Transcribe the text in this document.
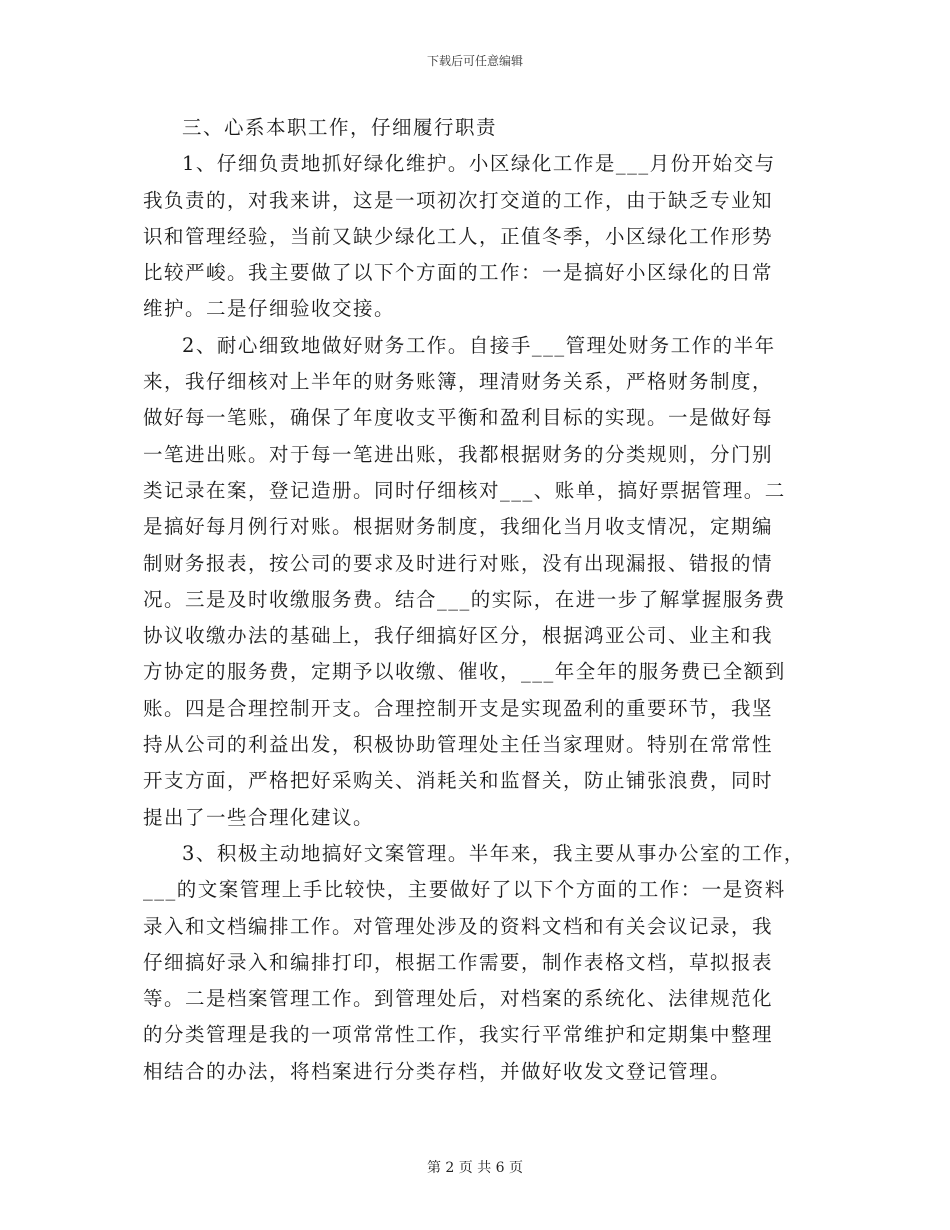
下载后可任意编辑

三、心系本职工作，仔细履行职责

1、仔细负责地抓好绿化维护。小区绿化工作是___月份开始交与
我负责的，对我来讲，这是一项初次打交道的工作，由于缺乏专业知
识和管理经验，当前又缺少绿化工人，正值冬季，小区绿化工作形势
比较严峻。我主要做了以下个方面的工作：一是搞好小区绿化的日常
维护。二是仔细验收交接。

2、耐心细致地做好财务工作。自接手___管理处财务工作的半年
来，我仔细核对上半年的财务账簿，理清财务关系，严格财务制度，
做好每一笔账，确保了年度收支平衡和盈利目标的实现。一是做好每
一笔进出账。对于每一笔进出账，我都根据财务的分类规则，分门别
类记录在案，登记造册。同时仔细核对___、账单，搞好票据管理。二
是搞好每月例行对账。根据财务制度，我细化当月收支情况，定期编
制财务报表，按公司的要求及时进行对账，没有出现漏报、错报的情
况。三是及时收缴服务费。结合___的实际，在进一步了解掌握服务费
协议收缴办法的基础上，我仔细搞好区分，根据鸿亚公司、业主和我
方协定的服务费，定期予以收缴、催收，___年全年的服务费已全额到
账。四是合理控制开支。合理控制开支是实现盈利的重要环节，我坚
持从公司的利益出发，积极协助管理处主任当家理财。特别在常常性
开支方面，严格把好采购关、消耗关和监督关，防止铺张浪费，同时
提出了一些合理化建议。

3、积极主动地搞好文案管理。半年来，我主要从事办公室的工作，
___的文案管理上手比较快，主要做好了以下个方面的工作：一是资料
录入和文档编排工作。对管理处涉及的资料文档和有关会议记录，我
仔细搞好录入和编排打印，根据工作需要，制作表格文档，草拟报表
等。二是档案管理工作。到管理处后，对档案的系统化、法律规范化
的分类管理是我的一项常常性工作，我实行平常维护和定期集中整理
相结合的办法，将档案进行分类存档，并做好收发文登记管理。

第 2 页 共 6 页
